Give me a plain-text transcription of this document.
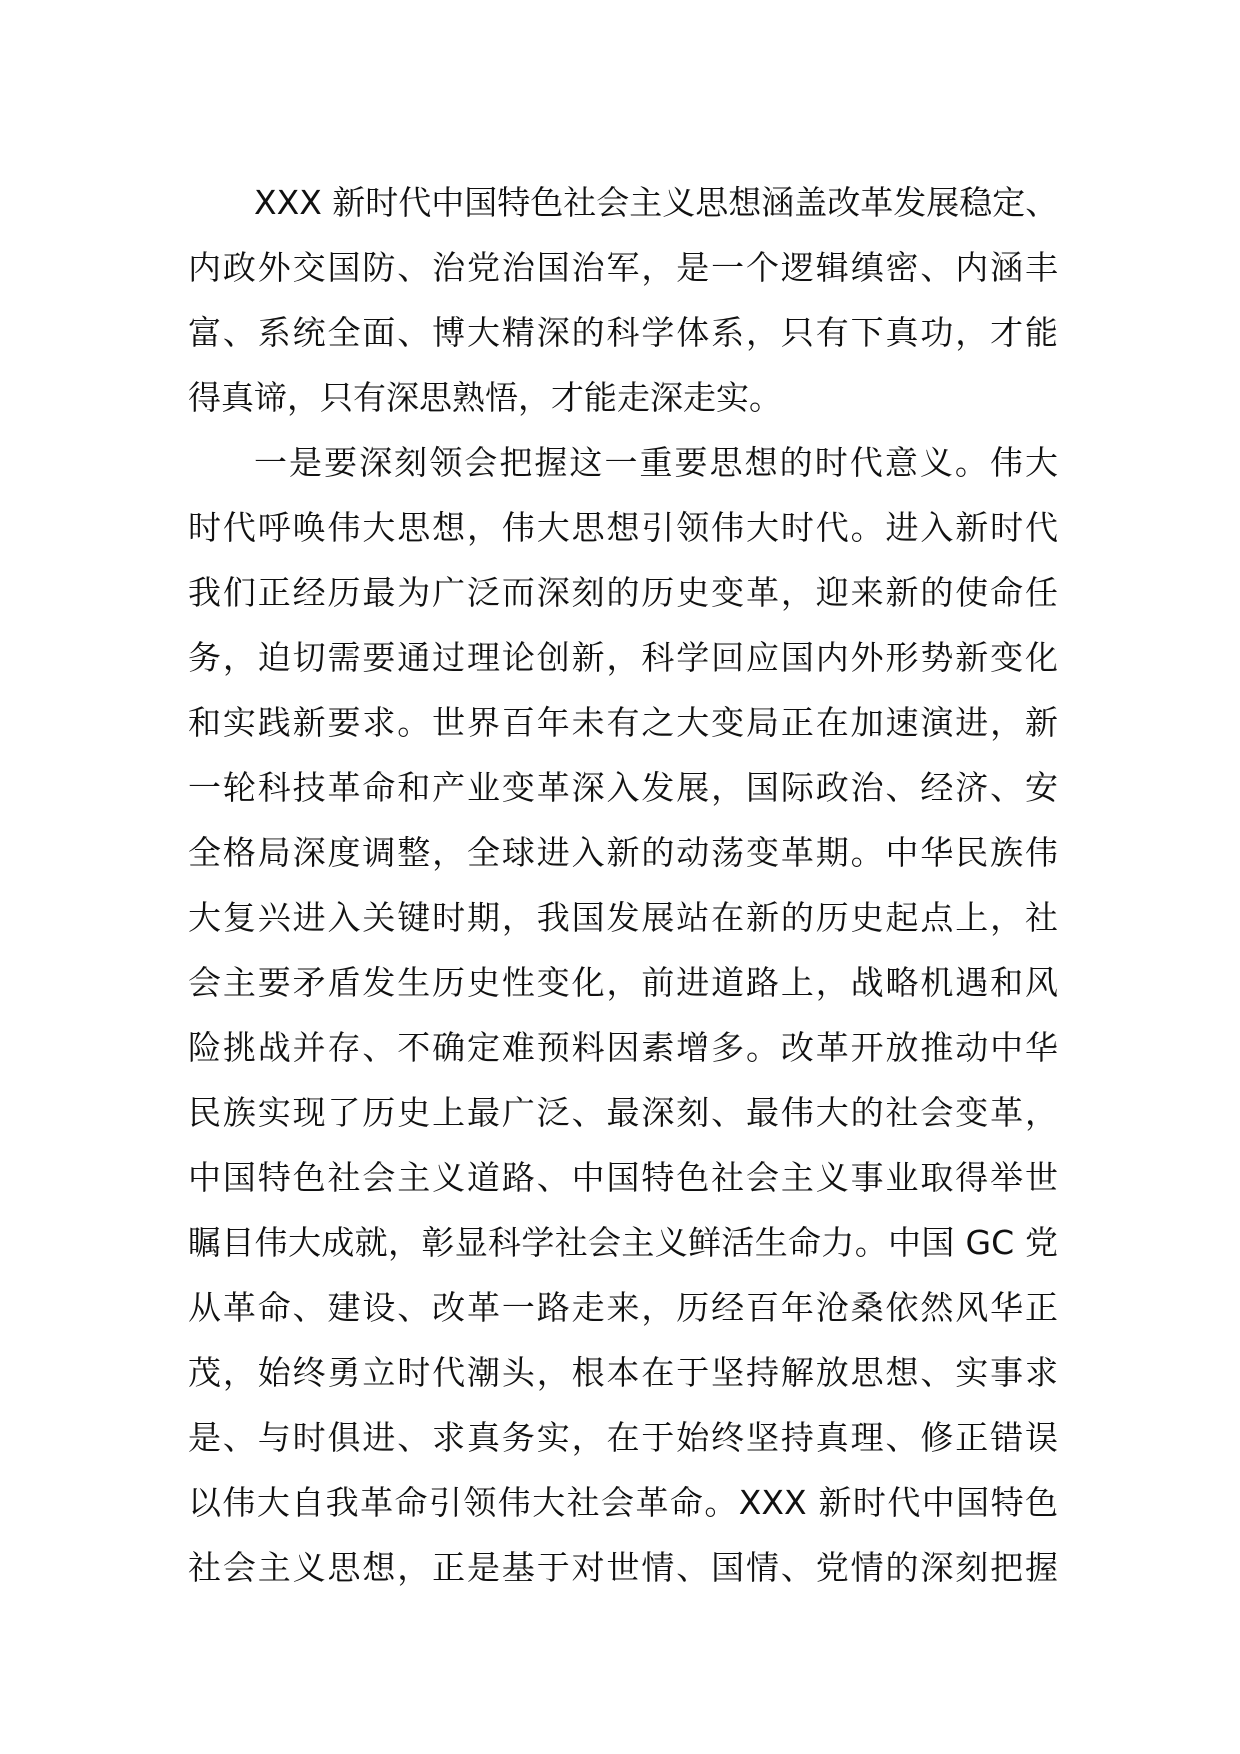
XXX 新时代中国特色社会主义思想涵盖改革发展稳定、
内政外交国防、治党治国治军，是一个逻辑缜密、内涵丰
富、系统全面、博大精深的科学体系，只有下真功，才能
得真谛，只有深思熟悟，才能走深走实。
一是要深刻领会把握这一重要思想的时代意义。伟大
时代呼唤伟大思想，伟大思想引领伟大时代。进入新时代
我们正经历最为广泛而深刻的历史变革，迎来新的使命任
务，迫切需要通过理论创新，科学回应国内外形势新变化
和实践新要求。世界百年未有之大变局正在加速演进，新
一轮科技革命和产业变革深入发展，国际政治、经济、安
全格局深度调整，全球进入新的动荡变革期。中华民族伟
大复兴进入关键时期，我国发展站在新的历史起点上，社
会主要矛盾发生历史性变化，前进道路上，战略机遇和风
险挑战并存、不确定难预料因素增多。改革开放推动中华
民族实现了历史上最广泛、最深刻、最伟大的社会变革，
中国特色社会主义道路、中国特色社会主义事业取得举世
瞩目伟大成就，彰显科学社会主义鲜活生命力。中国 GC 党
从革命、建设、改革一路走来，历经百年沧桑依然风华正
茂，始终勇立时代潮头，根本在于坚持解放思想、实事求
是、与时俱进、求真务实，在于始终坚持真理、修正错误
以伟大自我革命引领伟大社会革命。XXX 新时代中国特色
社会主义思想，正是基于对世情、国情、党情的深刻把握
